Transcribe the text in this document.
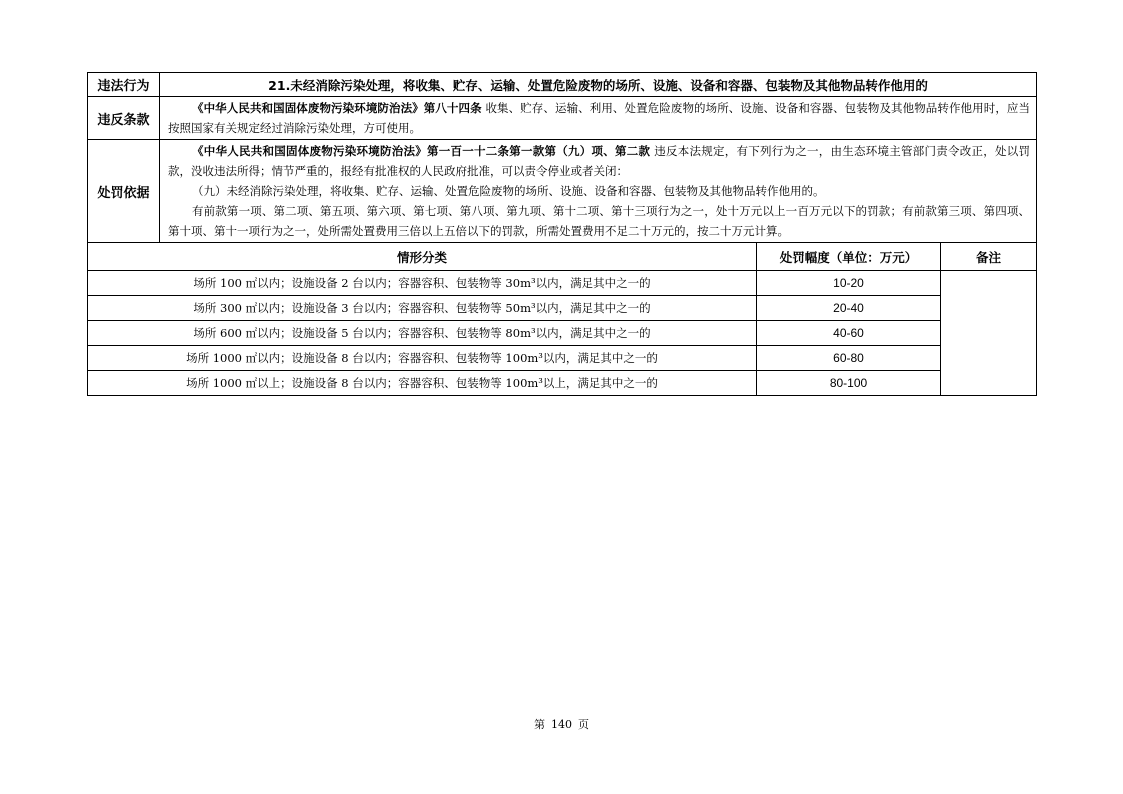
违法行为	21.未经消除污染处理，将收集、贮存、运输、处置危险废物的场所、设施、设备和容器、包装物及其他物品转作他用的		
违反条款	《中华人民共和国固体废物污染环境防治法》第八十四条 收集、贮存、运输、利用、处置危险废物的场所、设施、设备和容器、包装物及其他物品转作他用时，应当按照国家有关规定经过消除污染处理，方可使用。		

处罚依据	《中华人民共和国固体废物污染环境防治法》第一百一十二条第一款第（九）项、第二款 违反本法规定，有下列行为之一，由生态环境主管部门责令改正，处以罚款，没收违法所得；情节严重的，报经有批准权的人民政府批准，可以责令停业或者关闭：

（九）未经消除污染处理，将收集、贮存、运输、处置危险废物的场所、设施、设备和容器、包装物及其他物品转作他用的。

有前款第一项、第二项、第五项、第六项、第七项、第八项、第九项、第十二项、第十三项行为之一，处十万元以上一百万元以下的罚款；有前款第三项、第四项、第十项、第十一项行为之一，处所需处置费用三倍以上五倍以下的罚款，所需处置费用不足二十万元的，按二十万元计算。		

情形分类		处罚幅度（单位：万元）	备注
场所 100 ㎡以内；设施设备 2 台以内；容器容积、包装物等 30m³以内，满足其中之一的		10-20	
场所 300 ㎡以内；设施设备 3 台以内；容器容积、包装物等 50m³以内，满足其中之一的		20-40	
场所 600 ㎡以内；设施设备 5 台以内；容器容积、包装物等 80m³以内，满足其中之一的		40-60	
场所 1000 ㎡以内；设施设备 8 台以内；容器容积、包装物等 100m³以内，满足其中之一的		60-80	
场所 1000 ㎡以上；设施设备 8 台以内；容器容积、包装物等 100m³以上，满足其中之一的		80-100	
第 140 页
